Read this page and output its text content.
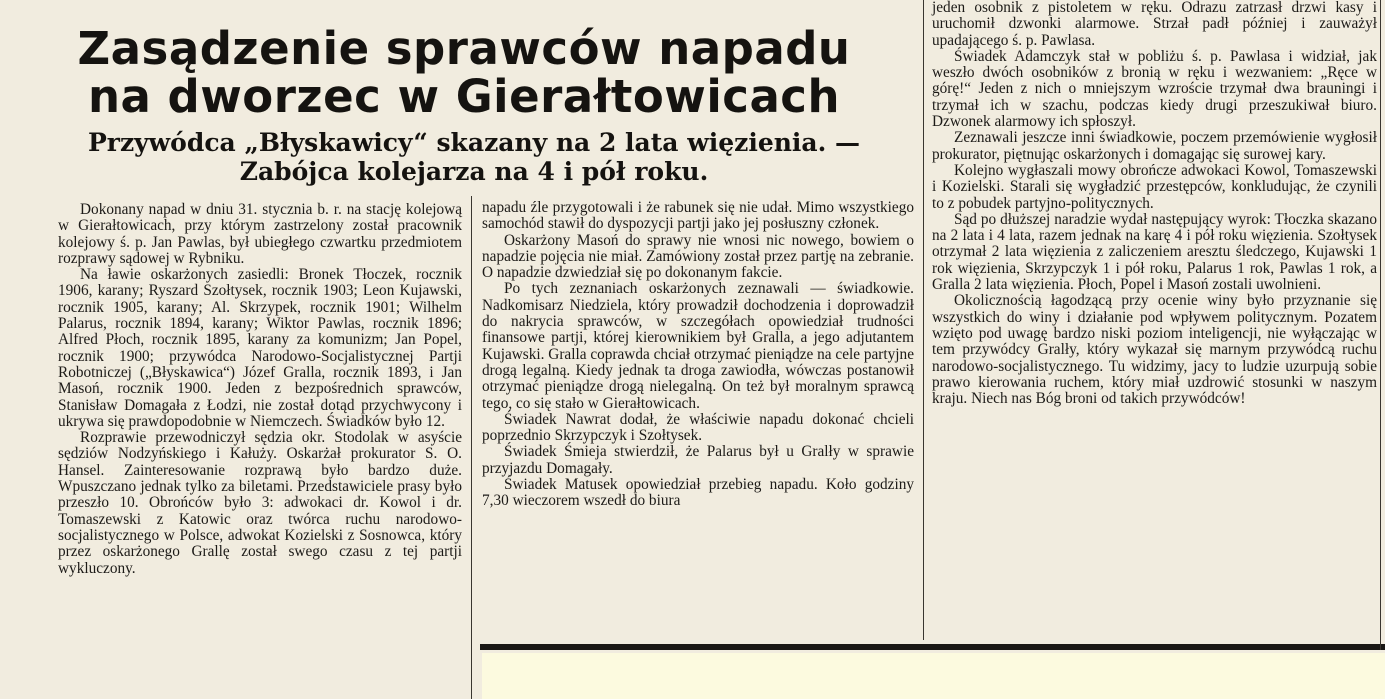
Zasądzenie sprawców napadu
na dworzec w Gierałtowicach
Przywódca „Błyskawicy“ skazany na 2 lata więzienia. —
Zabójca kolejarza na 4 i pół roku.

Dokonany napad w dniu 31. stycznia b. r. na stację kolejową w Gierałtowicach, przy którym zastrzelony został pracownik kolejowy ś. p. Jan Pawlas, był ubiegłego czwartku przedmiotem rozprawy sądowej w Rybniku.

Na ławie oskarżonych zasiedli: Bronek Tłoczek, rocznik 1906, karany; Ryszard Szołtysek, rocznik 1903; Leon Kujawski, rocznik 1905, karany; Al. Skrzypek, rocznik 1901; Wilhelm Palarus, rocznik 1894, karany; Wiktor Pawlas, rocznik 1896; Alfred Płoch, rocznik 1895, karany za komunizm; Jan Popel, rocznik 1900; przywódca Narodowo-Socjalistycznej Partji Robotniczej („Błyskawica“) Józef Gralla, rocznik 1893, i Jan Masoń, rocznik 1900. Jeden z bezpośrednich sprawców, Stanisław Domagała z Łodzi, nie został dotąd przychwycony i ukrywa się prawdopodobnie w Niemczech. Świadków było 12.

Rozprawie przewodniczył sędzia okr. Stodolak w asyście sędziów Nodzyńskiego i Kałuży. Oskarżał prokurator S. O. Hansel. Zainteresowanie rozprawą było bardzo duże. Wpuszczano jednak tylko za biletami. Przedstawiciele prasy było przeszło 10. Obrońców było 3: adwokaci dr. Kowol i dr. Tomaszewski z Katowic oraz twórca ruchu narodowo-socjalistycznego w Polsce, adwokat Kozielski z Sosnowca, który przez oskarżonego Grallę został swego czasu z tej partji wykluczony.

napadu źle przygotowali i że rabunek się nie udał. Mimo wszystkiego samochód stawił do dyspozycji partji jako jej posłuszny członek.

Oskarżony Masoń do sprawy nie wnosi nic nowego, bowiem o napadzie pojęcia nie miał. Zamówiony został przez partję na zebranie. O napadzie dzwiedział się po dokonanym fakcie.

Po tych zeznaniach oskarżonych zeznawali — świadkowie. Nadkomisarz Niedziela, który prowadził dochodzenia i doprowadził do nakrycia sprawców, w szczegółach opowiedział trudności finansowe partji, której kierownikiem był Gralla, a jego adjutantem Kujawski. Gralla coprawda chciał otrzymać pieniądze na cele partyjne drogą legalną. Kiedy jednak ta droga zawiodła, wówczas postanowił otrzymać pieniądze drogą nielegalną. On też był moralnym sprawcą tego, co się stało w Gierałtowicach.

Świadek Nawrat dodał, że właściwie napadu dokonać chcieli poprzednio Skrzypczyk i Szołtysek.

Świadek Śmieja stwierdził, że Palarus był u Gralły w sprawie przyjazdu Domagały.

Świadek Matusek opowiedział przebieg napadu. Koło godziny 7,30 wieczorem wszedł do biura

jeden osobnik z pistoletem w ręku. Odrazu zatrzasł drzwi kasy i uruchomił dzwonki alarmowe. Strzał padł później i zauważył upadającego ś. p. Pawlasa.

Świadek Adamczyk stał w pobliżu ś. p. Pawlasa i widział, jak weszło dwóch osobników z bronią w ręku i wezwaniem: „Ręce w górę!“ Jeden z nich o mniejszym wzroście trzymał dwa brauningi i trzymał ich w szachu, podczas kiedy drugi przeszukiwał biuro. Dzwonek alarmowy ich spłoszył.

Zeznawali jeszcze inni świadkowie, poczem przemówienie wygłosił prokurator, piętnując oskarżonych i domagając się surowej kary.

Kolejno wygłaszali mowy obrończe adwokaci Kowol, Tomaszewski i Kozielski. Starali się wygładzić przestępców, konkludując, że czynili to z pobudek partyjno-politycznych.

Sąd po dłuższej naradzie wydał następujący wyrok: Tłoczka skazano na 2 lata i 4 lata, razem jednak na karę 4 i pół roku więzienia. Szołtysek otrzymał 2 lata więzienia z zaliczeniem aresztu śledczego, Kujawski 1 rok więzienia, Skrzypczyk 1 i pół roku, Palarus 1 rok, Pawlas 1 rok, a Gralla 2 lata więzienia. Płoch, Popel i Masoń zostali uwolnieni.

Okolicznością łagodzącą przy ocenie winy było przyznanie się wszystkich do winy i działanie pod wpływem politycznym. Pozatem wzięto pod uwagę bardzo niski poziom inteligencji, nie wyłączając w tem przywódcy Gralły, który wykazał się marnym przywódcą ruchu narodowo-socjalistycznego. Tu widzimy, jacy to ludzie uzurpują sobie prawo kierowania ruchem, który miał uzdrowić stosunki w naszym kraju. Niech nas Bóg broni od takich przywódców!
